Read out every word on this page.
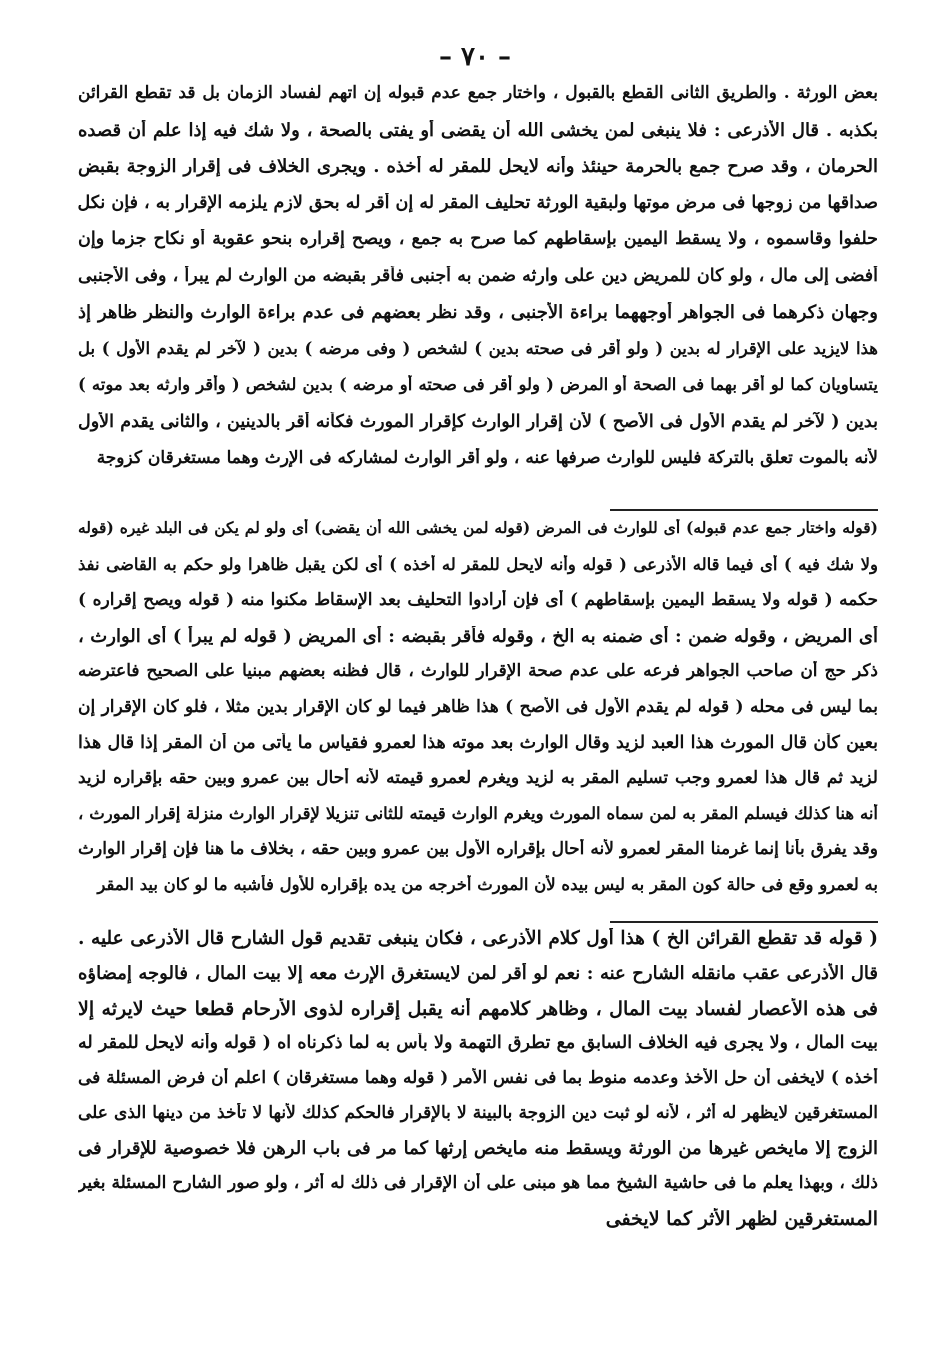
– ٧٠ –
بعض الورثة . والطريق الثانى القطع بالقبول ، واختار جمع عدم قبوله إن اتهم لفساد الزمان بل قد تقطع القرائن
بكذبه . قال الأذرعى : فلا ينبغى لمن يخشى الله أن يقضى أو يفتى بالصحة ، ولا شك فيه إذا علم أن قصده
الحرمان ، وقد صرح جمع بالحرمة حينئذ وأنه لايحل للمقر له أخذه . ويجرى الخلاف فى إقرار الزوجة بقبض
صداقها من زوجها فى مرض موتها ولبقية الورثة تحليف المقر له إن أقر له بحق لازم يلزمه الإقرار به ، فإن نكل
حلفوا وقاسموه ، ولا يسقط اليمين بإسقاطهم كما صرح به جمع ، ويصح إقراره بنحو عقوبة أو نكاح جزما وإن
أفضى إلى مال ، ولو كان للمريض دين على وارثه ضمن به أجنبى فأقر بقبضه من الوارث لم يبرأ ، وفى الأجنبى
وجهان ذكرهما فى الجواهر أوجههما براءة الأجنبى ، وقد نظر بعضهم فى عدم براءة الوارث والنظر ظاهر إذ
هذا لايزيد على الإقرار له بدين ( ولو أقر فى صحته بدين ) لشخص ( وفى مرضه ) بدين ( لآخر لم يقدم الأول ) بل
يتساويان كما لو أقر بهما فى الصحة أو المرض ( ولو أقر فى صحته أو مرضه ) بدين لشخص ( وأقر وارثه بعد موته )
بدين ( لآخر لم يقدم الأول فى الأصح ) لأن إقرار الوارث كإقرار المورث فكأنه أقر بالدينين ، والثانى يقدم الأول
لأنه بالموت تعلق بالتركة فليس للوارث صرفها عنه ، ولو أقر الوارث لمشاركه فى الإرث وهما مستغرقان كزوجة
(قوله واختار جمع عدم قبوله) أى للوارث فى المرض (قوله لمن يخشى الله أن يقضى) أى ولو لم يكن فى البلد غيره (قوله
ولا شك فيه ) أى فيما قاله الأذرعى ( قوله وأنه لايحل للمقر له أخذه ) أى لكن يقبل ظاهرا ولو حكم به القاضى نفذ
حكمه ( قوله ولا يسقط اليمين بإسقاطهم ) أى فإن أرادوا التحليف بعد الإسقاط مكنوا منه ( قوله ويصح إقراره )
أى المريض ، وقوله ضمن : أى ضمنه به الخ ، وقوله فأقر بقبضه : أى المريض ( قوله لم يبرأ ) أى الوارث ،
ذكر حج أن صاحب الجواهر فرعه على عدم صحة الإقرار للوارث ، قال فظنه بعضهم مبنيا على الصحيح فاعترضه
بما ليس فى محله ( قوله لم يقدم الأول فى الأصح ) هذا ظاهر فيما لو كان الإقرار بدين مثلا ، فلو كان الإقرار إن
بعين كأن قال المورث هذا العبد لزيد وقال الوارث بعد موته هذا لعمرو فقياس ما يأتى من أن المقر إذا قال هذا
لزيد ثم قال هذا لعمرو وجب تسليم المقر به لزيد ويغرم لعمرو قيمته لأنه أحال بين عمرو وبين حقه بإقراره لزيد
أنه هنا كذلك فيسلم المقر به لمن سماه المورث ويغرم الوارث قيمته للثانى تنزيلا لإقرار الوارث منزلة إقرار المورث ،
وقد يفرق بأنا إنما غرمنا المقر لعمرو لأنه أحال بإقراره الأول بين عمرو وبين حقه ، بخلاف ما هنا فإن إقرار الوارث
به لعمرو وقع فى حالة كون المقر به ليس بيده لأن المورث أخرجه من يده بإقراره للأول فأشبه ما لو كان بيد المقر
( قوله قد تقطع القرائن الخ ) هذا أول كلام الأذرعى ، فكان ينبغى تقديم قول الشارح قال الأذرعى عليه .
قال الأذرعى عقب مانقله الشارح عنه : نعم لو أقر لمن لايستغرق الإرث معه إلا بيت المال ، فالوجه إمضاؤه
فى هذه الأعصار لفساد بيت المال ، وظاهر كلامهم أنه يقبل إقراره لذوى الأرحام قطعا حيث لايرثه إلا
بيت المال ، ولا يجرى فيه الخلاف السابق مع تطرق التهمة ولا بأس به لما ذكرناه اه ( قوله وأنه لايحل للمقر له
أخذه ) لايخفى أن حل الأخذ وعدمه منوط بما فى نفس الأمر ( قوله وهما مستغرقان ) اعلم أن فرض المسئلة فى
المستغرقين لايظهر له أثر ، لأنه لو ثبت دين الزوجة بالبينة لا بالإقرار فالحكم كذلك لأنها لا تأخذ من دينها الذى على
الزوج إلا مايخص غيرها من الورثة ويسقط منه مايخص إرثها كما مر فى باب الرهن فلا خصوصية للإقرار فى
ذلك ، وبهذا يعلم ما فى حاشية الشيخ مما هو مبنى على أن الإقرار فى ذلك له أثر ، ولو صور الشارح المسئلة بغير
المستغرقين لظهر الأثر كما لايخفى
